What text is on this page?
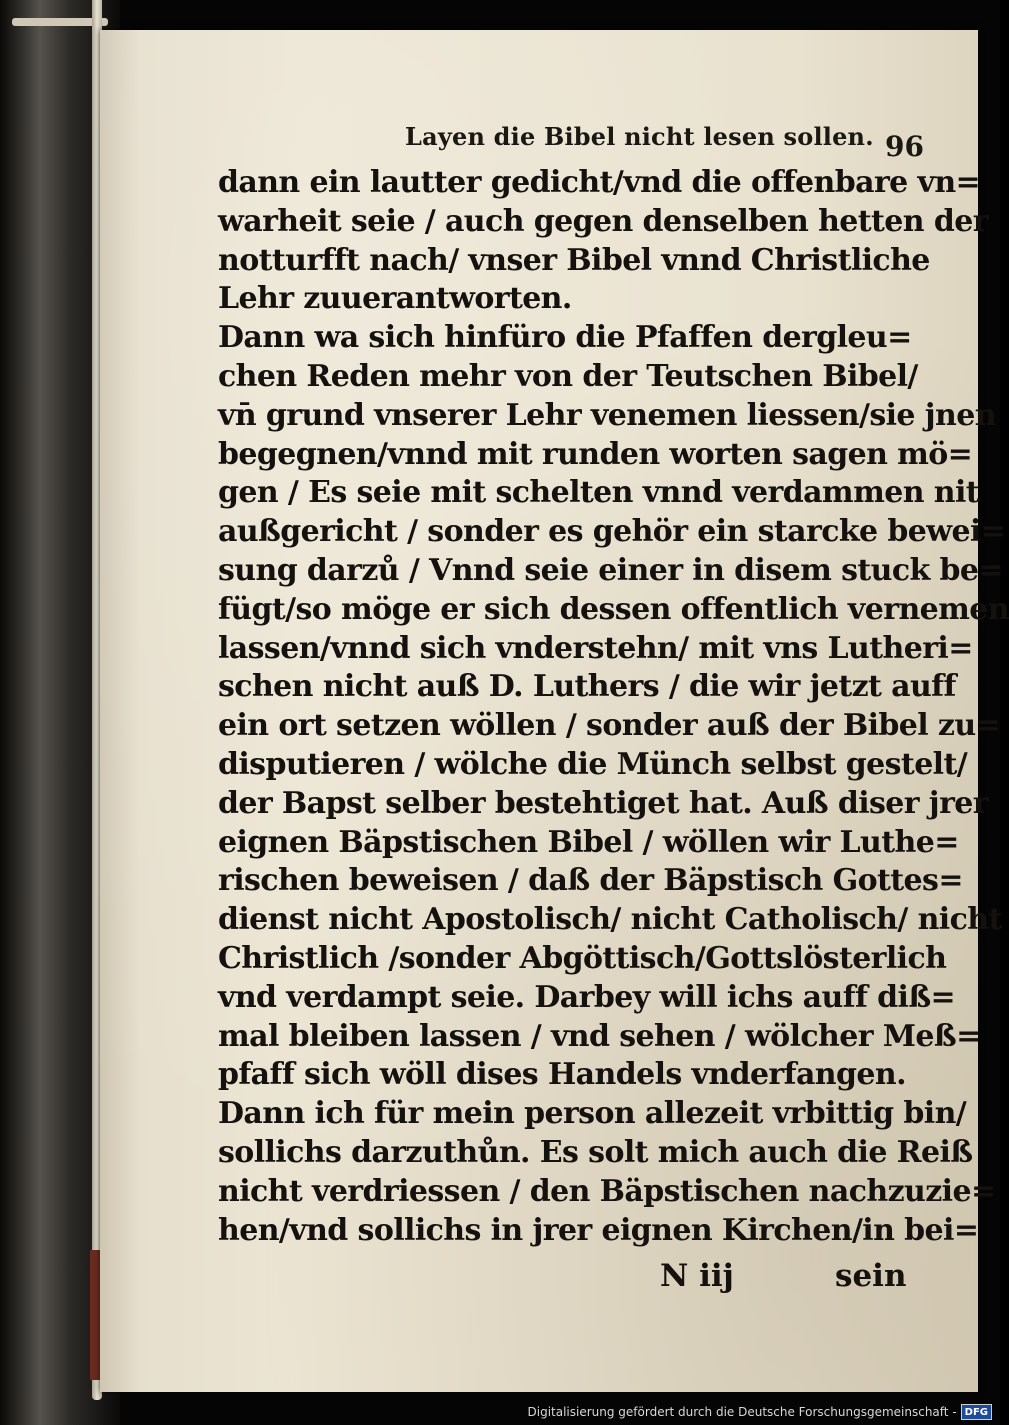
Layen die Bibel nicht lesen sollen. 96
dann ein lautter gedicht/vnd die offenbare vn=
warheit seie / auch gegen denselben hetten der
notturfft nach/ vnser Bibel vnnd Christliche
Lehr zuuerantworten.
Dann wa sich hinfüro die Pfaffen dergleu=
chen Reden mehr von der Teutschen Bibel/
vn̄ grund vnserer Lehr venemen liessen/sie jnen
begegnen/vnnd mit runden worten sagen mö=
gen / Es seie mit schelten vnnd verdammen nit
außgericht / sonder es gehör ein starcke bewei=
sung darzů / Vnnd seie einer in disem stuck be=
fügt/so möge er sich dessen offentlich vernemen
lassen/vnnd sich vnderstehn/ mit vns Lutheri=
schen nicht auß D. Luthers / die wir jetzt auff
ein ort setzen wöllen / sonder auß der Bibel zu=
disputieren / wölche die Münch selbst gestelt/
der Bapst selber bestehtiget hat. Auß diser jrer
eignen Bäpstischen Bibel / wöllen wir Luthe=
rischen beweisen / daß der Bäpstisch Gottes=
dienst nicht Apostolisch/ nicht Catholisch/ nicht
Christlich /sonder Abgöttisch/Gottslösterlich
vnd verdampt seie. Darbey will ichs auff diß=
mal bleiben lassen / vnd sehen / wölcher Meß=
pfaff sich wöll dises Handels vnderfangen.
Dann ich für mein person allezeit vrbittig bin/
sollichs darzuthůn. Es solt mich auch die Reiß
nicht verdriessen / den Bäpstischen nachzuzie=
hen/vnd sollichs in jrer eignen Kirchen/in bei=
N iij	sein
Digitalisierung gefördert durch die Deutsche Forschungsgemeinschaft - DFG
